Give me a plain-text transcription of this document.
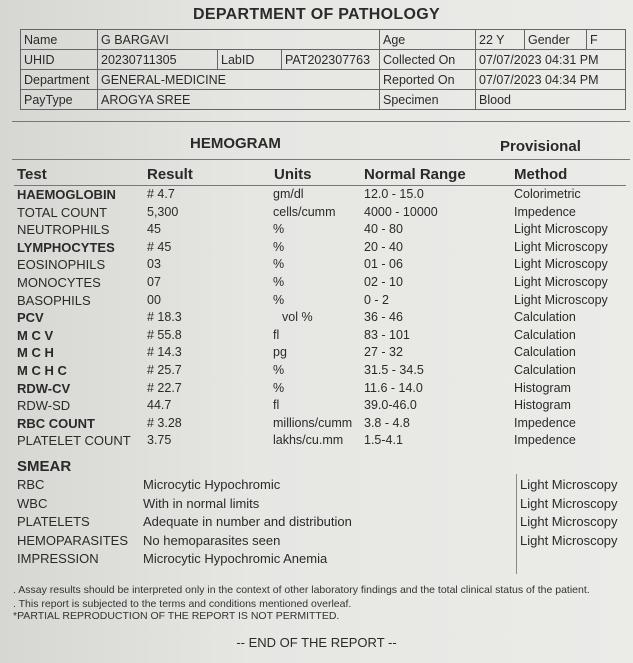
DEPARTMENT OF PATHOLOGY
Name	G BARGAVI			Age	22 Y	Gender	F
UHID	20230711305	LabID	PAT202307763	Collected On	07/07/2023 04:31 PM		
Department	GENERAL-MEDICINE			Reported On	07/07/2023 04:34 PM		
PayType	AROGYA SREE			Specimen	Blood		
HEMOGRAM	Provisional
Test	Result	Units	Normal Range	Method
HAEMOGLOBIN # 4.7	gm/dl	12.0 - 15.0	Colorimetric
TOTAL COUNT	5,300	cells/cumm 4000 - 10000	Impedence
NEUTROPHILS	45	%	40 - 80	Light Microscopy
LYMPHOCYTES	# 45	%	20 - 40	Light Microscopy
EOSINOPHILS	03	%	01 - 06	Light Microscopy
MONOCYTES	07	%	02 - 10	Light Microscopy
BASOPHILS	00	%	0 - 2	Light Microscopy
PCV	# 18.3	vol %	36 - 46	Calculation
M C V	# 55.8	fl	83 - 101	Calculation
M C H	# 14.3	pg	27 - 32	Calculation
M C H C	# 25.7	%	31.5 - 34.5	Calculation
RDW-CV	# 22.7	%	11.6 - 14.0	Histogram
RDW-SD	44.7	fl	39.0-46.0	Histogram
RBC COUNT	# 3.28	millions/cumm 3.8 - 4.8	Impedence
PLATELET COUNT 3.75	lakhs/cu.mm 1.5-4.1	Impedence
SMEAR
RBC	Microcytic Hypochromic	Light Microscopy
WBC	With in normal limits	Light Microscopy
PLATELETS	Adequate in number and distribution	Light Microscopy
HEMOPARASITES No hemoparasites seen	Light Microscopy
IMPRESSION	Microcytic Hypochromic Anemia
. Assay results should be interpreted only in the context of other laboratory findings and the total clinical status of the patient.
. This report is subjected to the terms and conditions mentioned overleaf.
*PARTIAL REPRODUCTION OF THE REPORT IS NOT PERMITTED.
-- END OF THE REPORT --
